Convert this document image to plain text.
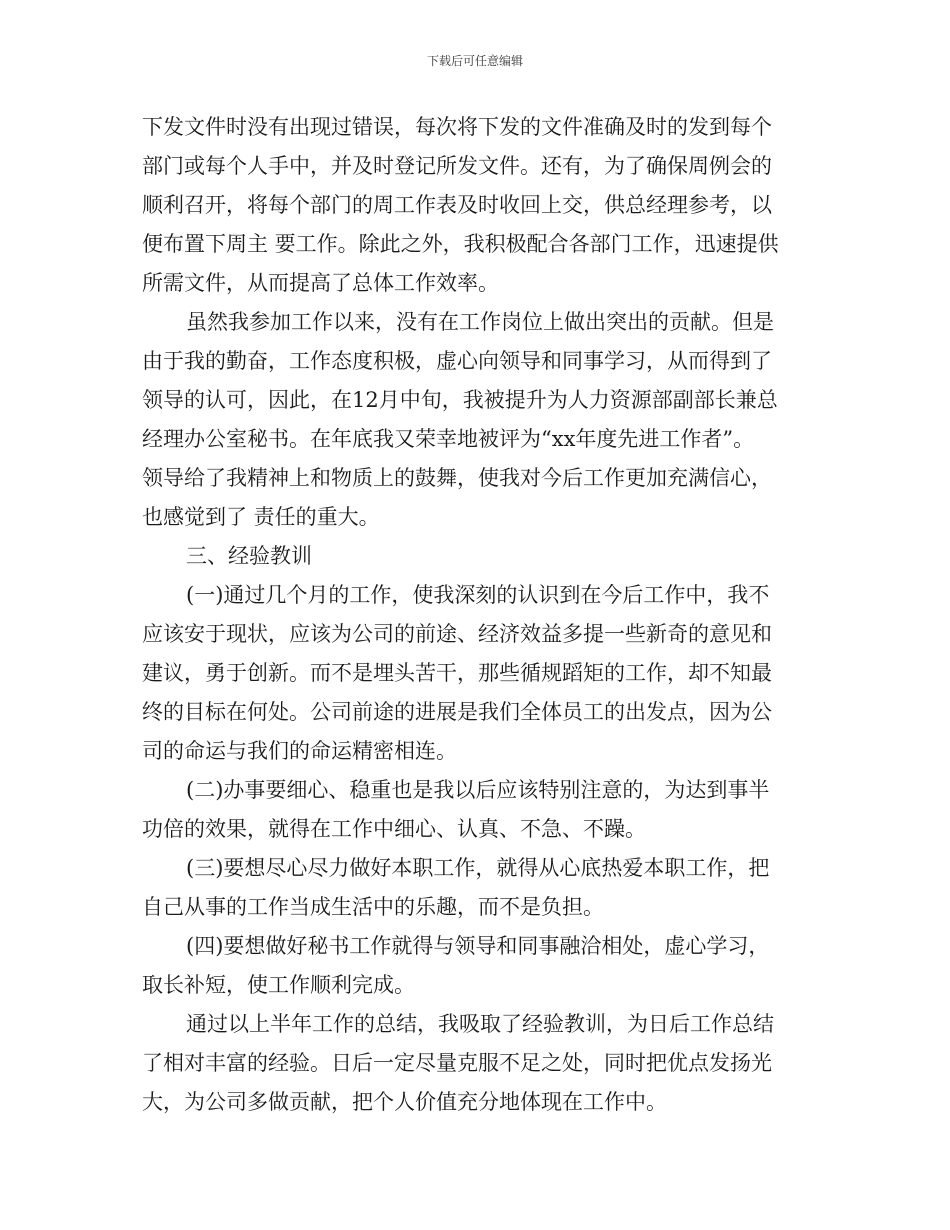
下载后可任意编辑

下发文件时没有出现过错误，每次将下发的文件准确及时的发到每个
部门或每个人手中，并及时登记所发文件。还有，为了确保周例会的
顺利召开，将每个部门的周工作表及时收回上交，供总经理参考，以
便布置下周主 要工作。除此之外，我积极配合各部门工作，迅速提供
所需文件，从而提高了总体工作效率。

虽然我参加工作以来，没有在工作岗位上做出突出的贡献。但是
由于我的勤奋，工作态度积极，虚心向领导和同事学习，从而得到了
领导的认可，因此，在12月中旬，我被提升为人力资源部副部长兼总
经理办公室秘书。在年底我又荣幸地被评为“xx年度先进工作者”。
领导给了我精神上和物质上的鼓舞，使我对今后工作更加充满信心，
也感觉到了 责任的重大。

三、经验教训

(一)通过几个月的工作，使我深刻的认识到在今后工作中，我不
应该安于现状，应该为公司的前途、经济效益多提一些新奇的意见和
建议，勇于创新。而不是埋头苦干，那些循规蹈矩的工作，却不知最
终的目标在何处。公司前途的进展是我们全体员工的出发点，因为公
司的命运与我们的命运精密相连。

(二)办事要细心、稳重也是我以后应该特别注意的，为达到事半
功倍的效果，就得在工作中细心、认真、不急、不躁。

(三)要想尽心尽力做好本职工作，就得从心底热爱本职工作，把
自己从事的工作当成生活中的乐趣，而不是负担。

(四)要想做好秘书工作就得与领导和同事融洽相处，虚心学习，
取长补短，使工作顺利完成。

通过以上半年工作的总结，我吸取了经验教训，为日后工作总结
了相对丰富的经验。日后一定尽量克服不足之处，同时把优点发扬光
大，为公司多做贡献，把个人价值充分地体现在工作中。
